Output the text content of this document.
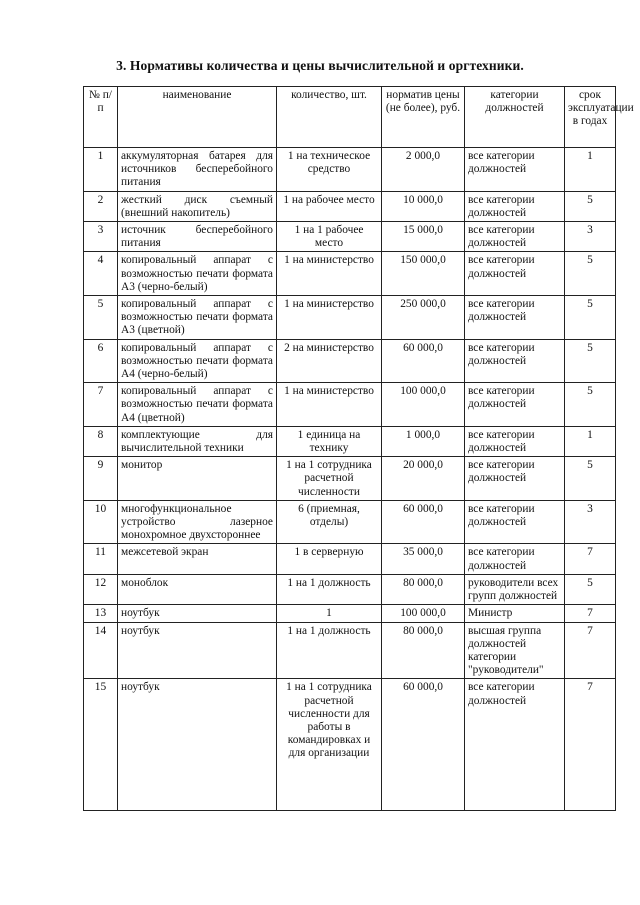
3. Нормативы количества и цены вычислительной и оргтехники.
№ п/п	наименование	количество, шт.	норматив цены (не более), руб.	категории должностей	срок эксплуатации в годах
1	аккумуляторная батарея для источников бесперебойного питания	1 на техническое средство	2 000,0	все категории должностей	1
2	жесткий диск съемный (внешний накопитель)	1 на рабочее место	10 000,0	все категории должностей	5
3	источник бесперебойного питания	1 на 1 рабочее место	15 000,0	все категории должностей	3
4	копировальный аппарат с возможностью печати формата А3 (черно-белый)	1 на министерство	150 000,0	все категории должностей	5
5	копировальный аппарат с возможностью печати формата А3 (цветной)	1 на министерство	250 000,0	все категории должностей	5
6	копировальный аппарат с возможностью печати формата А4 (черно-белый)	2 на министерство	60 000,0	все категории должностей	5
7	копировальный аппарат с возможностью печати формата А4 (цветной)	1 на министерство	100 000,0	все категории должностей	5
8	комплектующие для вычислительной техники	1 единица на технику	1 000,0	все категории должностей	1
9	монитор	1 на 1 сотрудника расчетной численности	20 000,0	все категории должностей	5
10	многофункциональное устройство лазерное монохромное двухстороннее	6 (приемная, отделы)	60 000,0	все категории должностей	3
11	межсетевой экран	1 в серверную	35 000,0	все категории должностей	7
12	моноблок	1 на 1 должность	80 000,0	руководители всех групп должностей	5
13	ноутбук	1	100 000,0	Министр	7
14	ноутбук	1 на 1 должность	80 000,0	высшая группа должностей категории "руководители"	7
15	ноутбук	1 на 1 сотрудника расчетной численности для работы в командировках и для организации	60 000,0	все категории должностей	7
